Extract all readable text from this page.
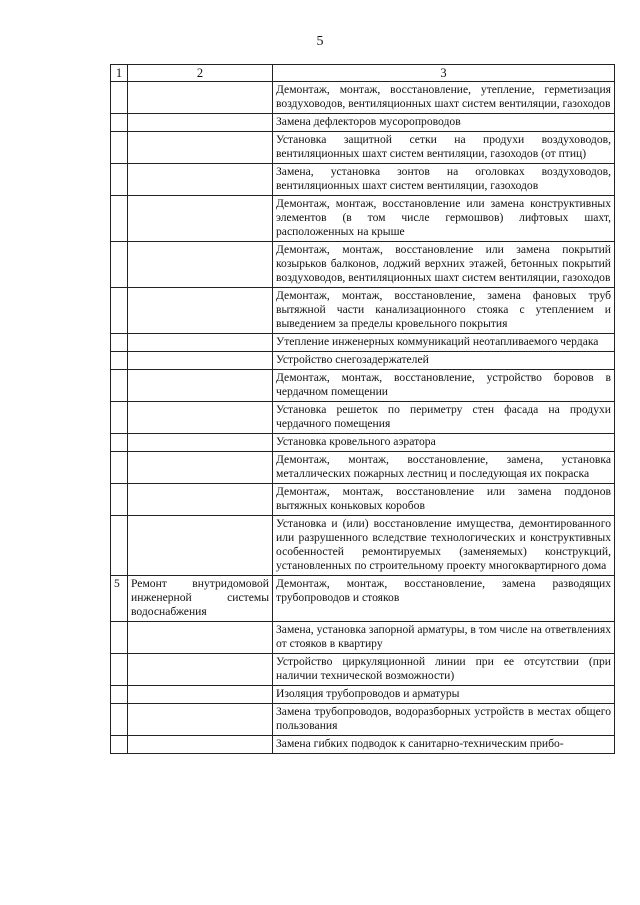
5
1	2	3
		Демонтаж, монтаж, восстановление, утепление, герметизация воздуховодов, вентиляционных шахт систем вентиляции, газоходов
		Замена дефлекторов мусоропроводов
		Установка защитной сетки на продухи воздуховодов, вентиляционных шахт систем вентиляции, газоходов (от птиц)
		Замена, установка зонтов на оголовках воздуховодов, вентиляционных шахт систем вентиляции, газоходов
		Демонтаж, монтаж, восстановление или замена конструктивных элементов (в том числе гермошвов) лифтовых шахт, расположенных на крыше
		Демонтаж, монтаж, восстановление или замена покрытий козырьков балконов, лоджий верхних этажей, бетонных покрытий воздуховодов, вентиляционных шахт систем вентиляции, газоходов
		Демонтаж, монтаж, восстановление, замена фановых труб вытяжной части канализационного стояка с утеплением и выведением за пределы кровельного покрытия
		Утепление инженерных коммуникаций неотапливаемого чердака
		Устройство снегозадержателей
		Демонтаж, монтаж, восстановление, устройство боровов в чердачном помещении
		Установка решеток по периметру стен фасада на продухи чердачного помещения
		Установка кровельного аэратора
		Демонтаж, монтаж, восстановление, замена, установка металлических пожарных лестниц и последующая их покраска
		Демонтаж, монтаж, восстановление или замена поддонов вытяжных коньковых коробов
		Установка и (или) восстановление имущества, демонтированного или разрушенного вследствие технологических и конструктивных особенностей ремонтируемых (заменяемых) конструкций, установленных по строительному проекту многоквартирного дома
5	Ремонт внутридомовой инженерной системы водоснабжения	Демонтаж, монтаж, восстановление, замена разводящих трубопроводов и стояков
		Замена, установка запорной арматуры, в том числе на ответвлениях от стояков в квартиру
		Устройство циркуляционной линии при ее отсутствии (при наличии технической возможности)
		Изоляция трубопроводов и арматуры
		Замена трубопроводов, водоразборных устройств в местах общего пользования
		Замена гибких подводок к санитарно-техническим прибо-
